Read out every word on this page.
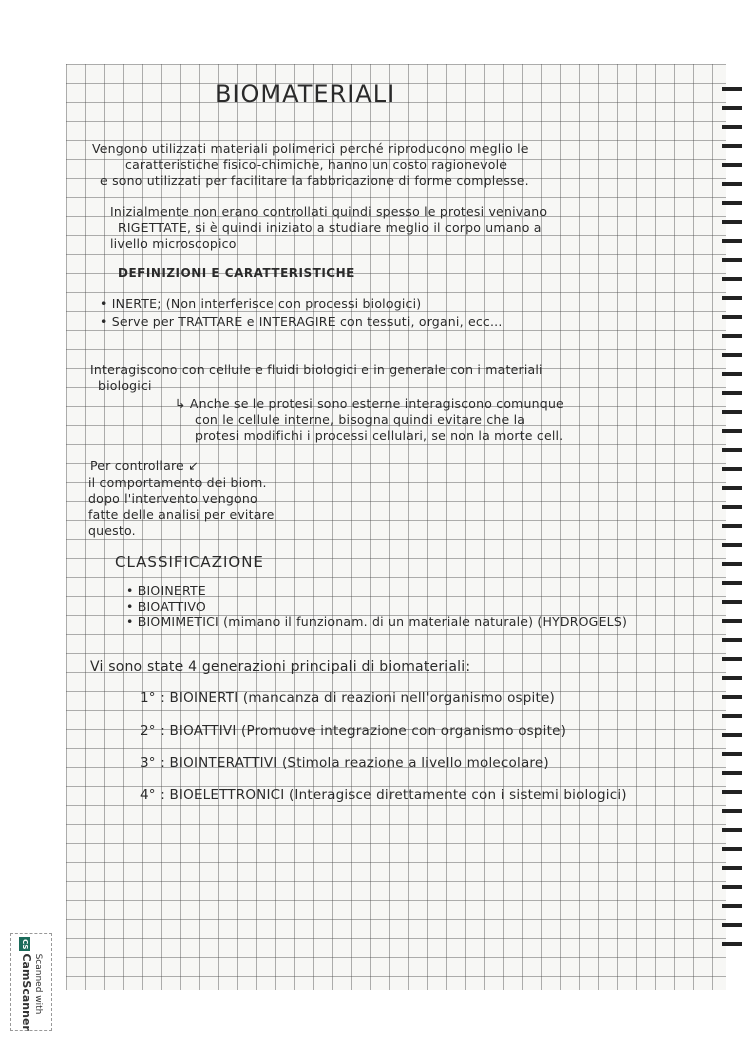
BIOMATERIALI
Vengono utilizzati materiali polimerici perché riproducono meglio le
caratteristiche fisico-chimiche, hanno un costo ragionevole
e sono utilizzati per facilitare la fabbricazione di forme complesse.
Inizialmente non erano controllati quindi spesso le protesi venivano
RIGETTATE, si è quindi iniziato a studiare meglio il corpo umano a
livello microscopico
DEFINIZIONI E CARATTERISTICHE
• INERTE; (Non interferisce con processi biologici)
• Serve per TRATTARE e INTERAGIRE con tessuti, organi, ecc...
Interagiscono con cellule e fluidi biologici e in generale con i materiali
biologici
↳ Anche se le protesi sono esterne interagiscono comunque
con le cellule interne, bisogna quindi evitare che la
protesi modifichi i processi cellulari, se non la morte cell.
Per controllare ↙
il comportamento dei biom.
dopo l'intervento vengono
fatte delle analisi per evitare
questo.
CLASSIFICAZIONE
• BIOINERTE
• BIOATTIVO
• BIOMIMETICI (mimano il funzionam. di un materiale naturale) (HYDROGELS)
Vi sono state 4 generazioni principali di biomateriali:
1° : BIOINERTI (mancanza di reazioni nell'organismo ospite)
2° : BIOATTIVI (Promuove integrazione con organismo ospite)
3° : BIOINTERATTIVI (Stimola reazione a livello molecolare)
4° : BIOELETTRONICI (Interagisce direttamente con i sistemi biologici)
Scanned with
CSCamScanner
